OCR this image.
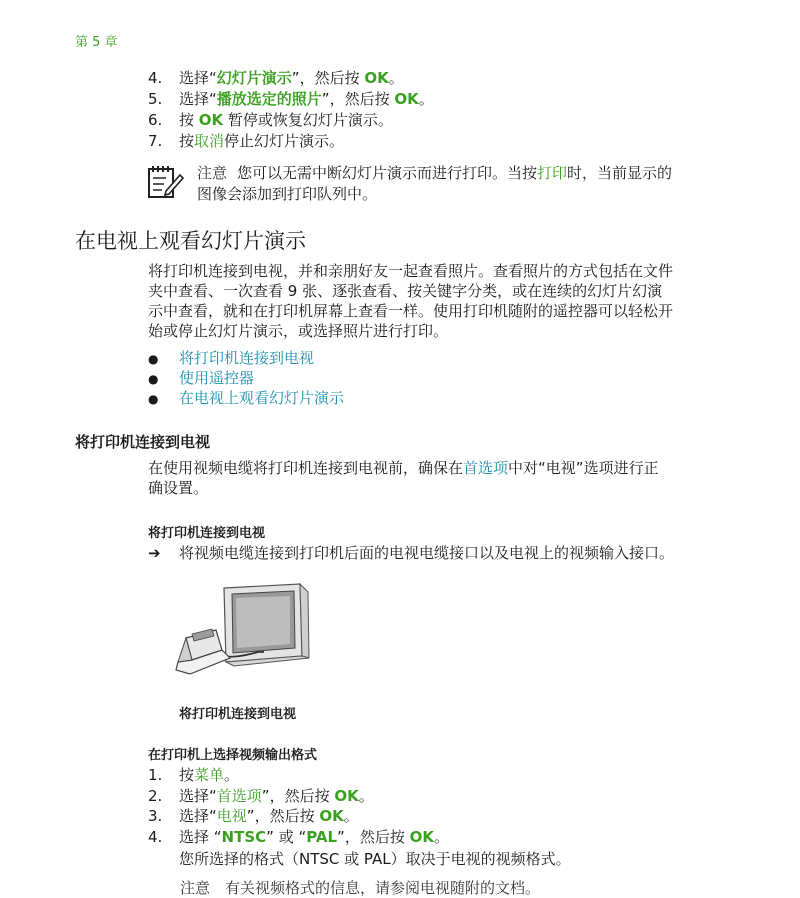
第 5 章
4. 选择“幻灯片演示”，然后按 OK。
5. 选择“播放选定的照片”，然后按 OK。
6. 按 OK 暂停或恢复幻灯片演示。
7. 按取消停止幻灯片演示。
注意 您可以无需中断幻灯片演示而进行打印。当按打印时，当前显示的
图像会添加到打印队列中。
在电视上观看幻灯片演示
将打印机连接到电视，并和亲朋好友一起查看照片。查看照片的方式包括在文件
夹中查看、一次查看 9 张、逐张查看、按关键字分类，或在连续的幻灯片幻演
示中查看，就和在打印机屏幕上查看一样。使用打印机随附的遥控器可以轻松开
始或停止幻灯片演示，或选择照片进行打印。
● 将打印机连接到电视
● 使用遥控器
● 在电视上观看幻灯片演示
将打印机连接到电视
在使用视频电缆将打印机连接到电视前，确保在首选项中对“电视”选项进行正
确设置。
将打印机连接到电视
➔ 将视频电缆连接到打印机后面的电视电缆接口以及电视上的视频输入接口。
将打印机连接到电视
在打印机上选择视频输出格式
1. 按菜单。
2. 选择“首选项”，然后按 OK。
3. 选择“电视”，然后按 OK。
4. 选择 “NTSC” 或 “PAL”，然后按 OK。
您所选择的格式（NTSC 或 PAL）取决于电视的视频格式。
注意　有关视频格式的信息，请参阅电视随附的文档。
